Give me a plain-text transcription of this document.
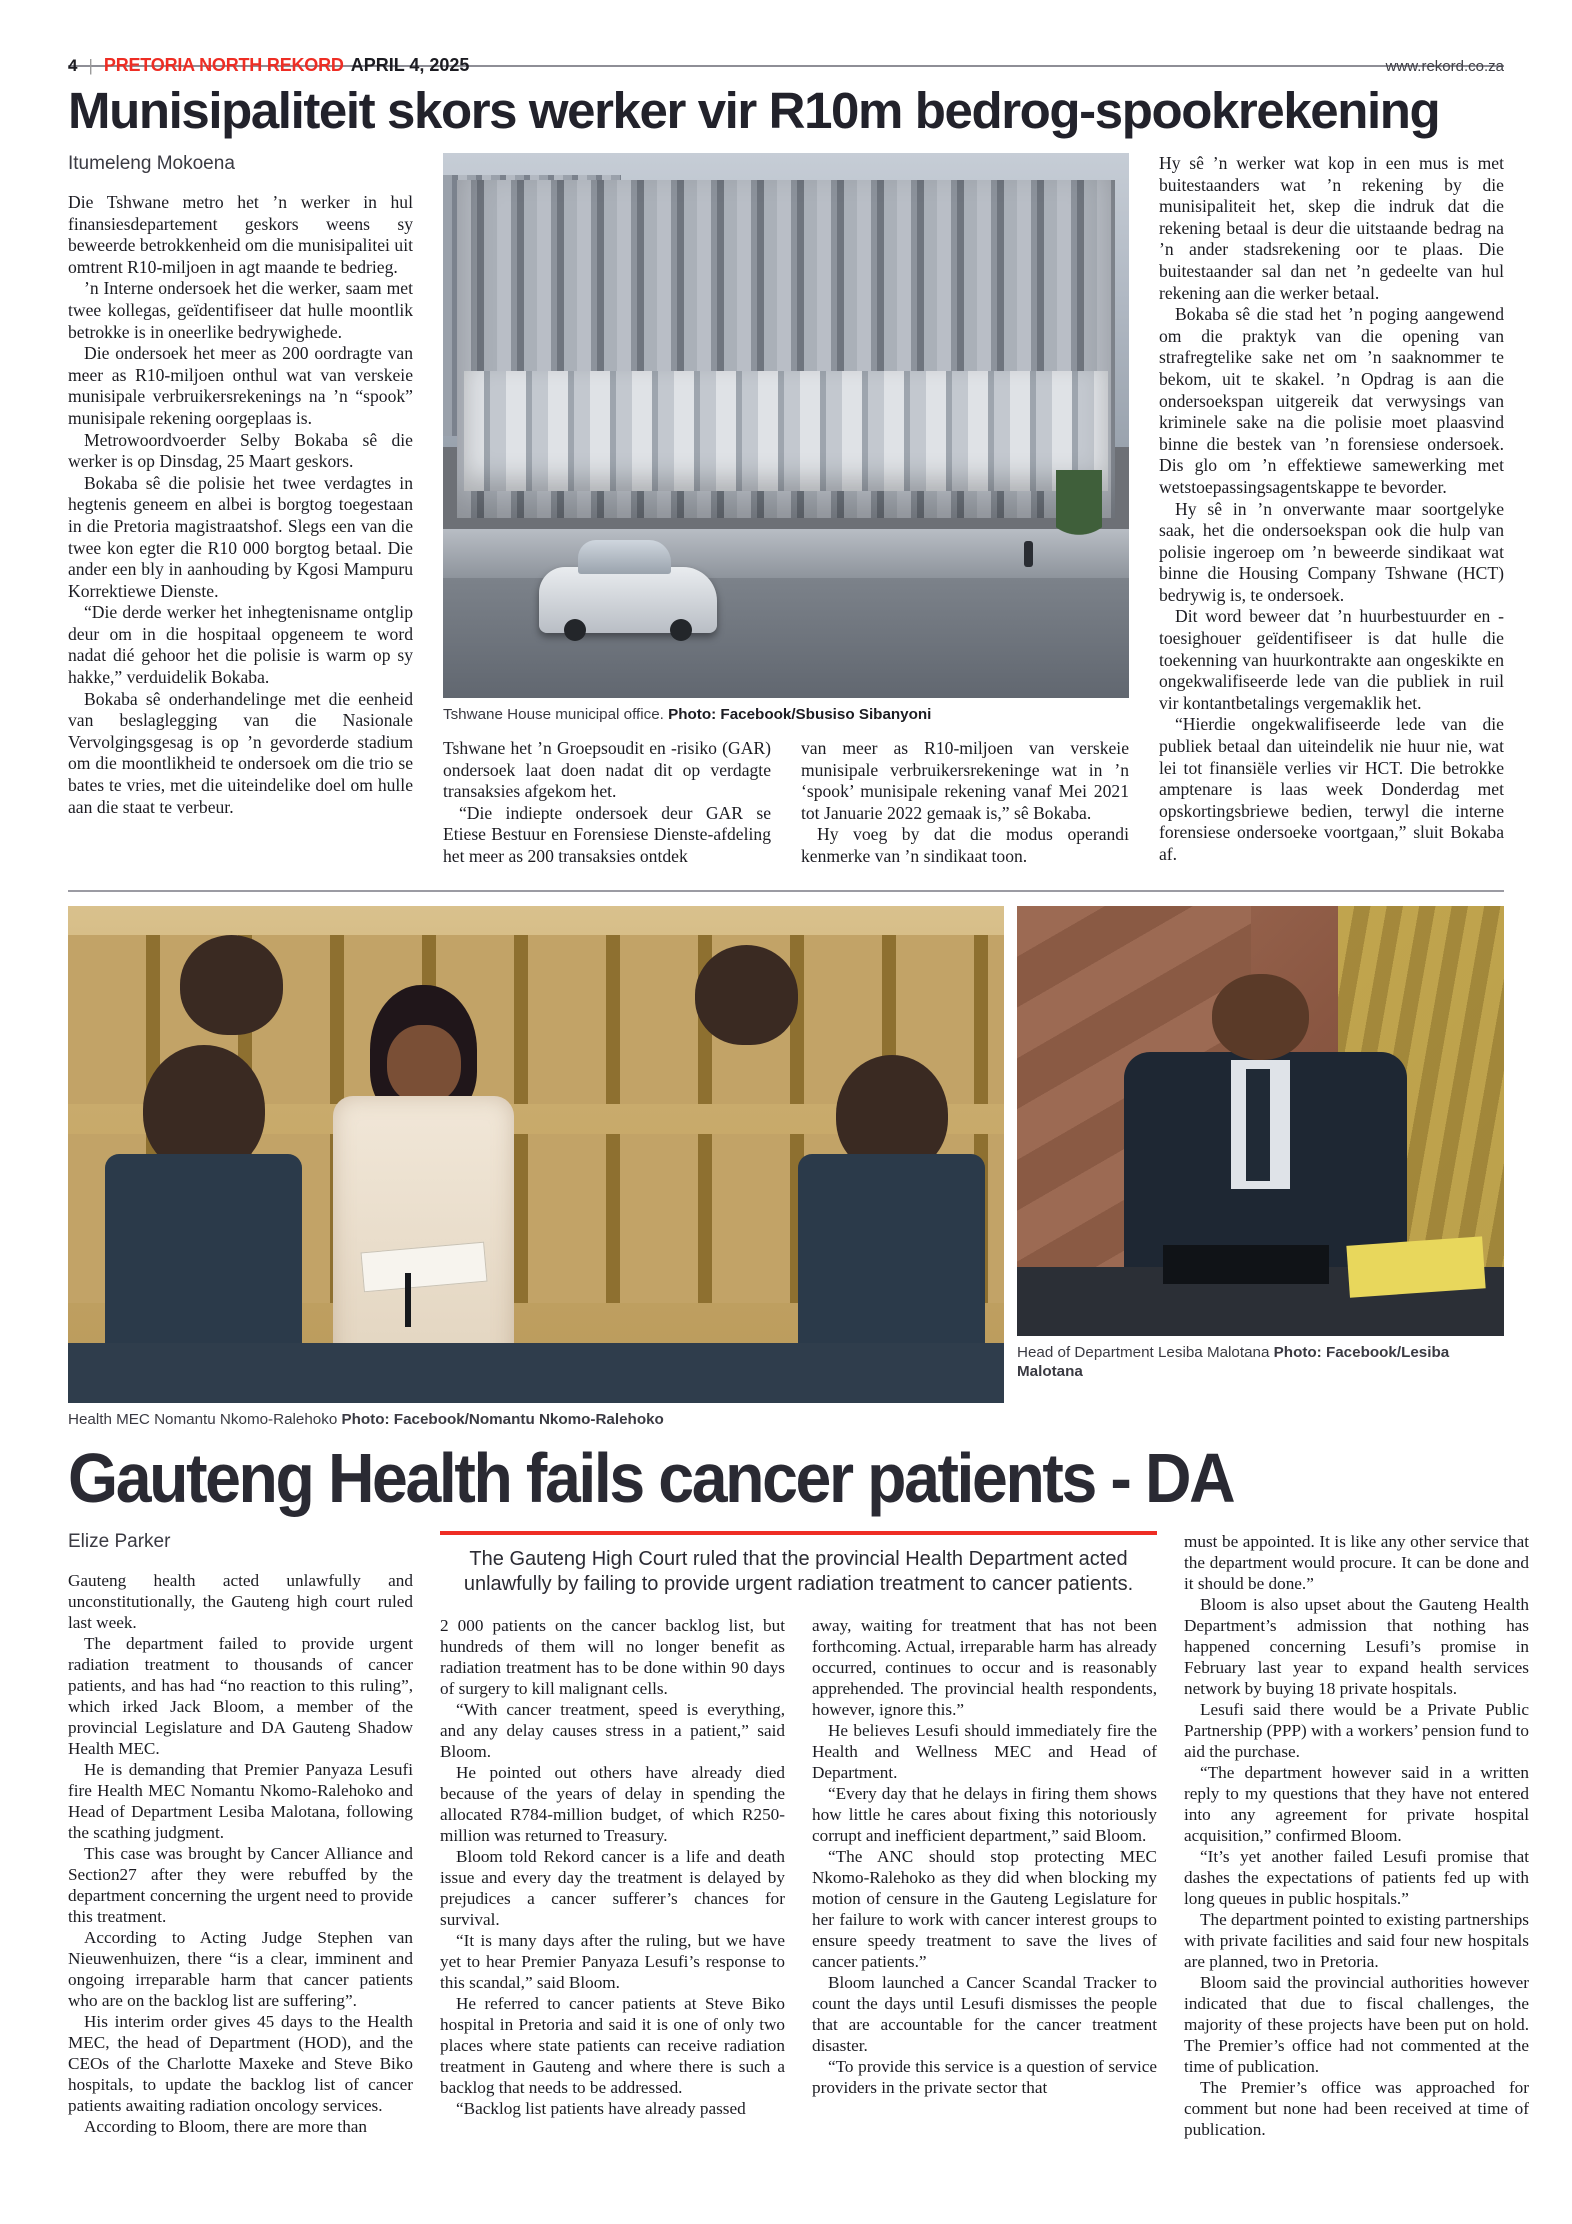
4 | PRETORIA NORTH REKORD APRIL 4, 2025	www.rekord.co.za
Munisipaliteit skors werker vir R10m bedrog-spookrekening
Itumeleng Mokoena

Die Tshwane metro het ’n werker in hul finansiesdepartement geskors weens sy beweerde betrokkenheid om die munisipalitei uit omtrent R10-miljoen in agt maande te bedrieg.

’n Interne ondersoek het die werker, saam met twee kollegas, geïdentifiseer dat hulle moontlik betrokke is in oneerlike bedrywighede.

Die ondersoek het meer as 200 oordragte van meer as R10-miljoen onthul wat van verskeie munisipale verbruikersrekenings na ’n “spook” munisipale rekening oorgeplaas is.

Metrowoordvoerder Selby Bokaba sê die werker is op Dinsdag, 25 Maart geskors.

Bokaba sê die polisie het twee verdagtes in hegtenis geneem en albei is borgtog toegestaan in die Pretoria magistraatshof. Slegs een van die twee kon egter die R10 000 borgtog betaal. Die ander een bly in aanhouding by Kgosi Mampuru Korrektiewe Dienste.

“Die derde werker het inhegtenisname ontglip deur om in die hospitaal opgeneem te word nadat dié gehoor het die polisie is warm op sy hakke,” verduidelik Bokaba.

Bokaba sê onderhandelinge met die eenheid van beslaglegging van die Nasionale Vervolgingsgesag is op ’n gevorderde stadium om die moontlikheid te ondersoek om die trio se bates te vries, met die uiteindelike doel om hulle aan die staat te verbeur.

Tshwane House municipal office. Photo: Facebook/Sbusiso Sibanyoni

Tshwane het ’n Groepsoudit en -risiko (GAR) ondersoek laat doen nadat dit op verdagte transaksies afgekom het.

“Die indiepte ondersoek deur GAR se Etiese Bestuur en Forensiese Dienste-afdeling het meer as 200 transaksies ontdek

van meer as R10-miljoen van verskeie munisipale verbruikersrekeninge wat in ’n ‘spook’ munisipale rekening vanaf Mei 2021 tot Januarie 2022 gemaak is,” sê Bokaba.

Hy voeg by dat die modus operandi kenmerke van ’n sindikaat toon.

Hy sê ’n werker wat kop in een mus is met buitestaanders wat ’n rekening by die munisipaliteit het, skep die indruk dat die rekening betaal is deur die uitstaande bedrag na ’n ander stadsrekening oor te plaas. Die buitestaander sal dan net ’n gedeelte van hul rekening aan die werker betaal.

Bokaba sê die stad het ’n poging aangewend om die praktyk van die opening van strafregtelike sake net om ’n saaknommer te bekom, uit te skakel. ’n Opdrag is aan die ondersoekspan uitgereik dat verwysings van kriminele sake na die polisie moet plaasvind binne die bestek van ’n forensiese ondersoek. Dis glo om ’n effektiewe samewerking met wetstoepassingsagentskappe te bevorder.

Hy sê in ’n onverwante maar soortgelyke saak, het die ondersoekspan ook die hulp van polisie ingeroep om ’n beweerde sindikaat wat binne die Housing Company Tshwane (HCT) bedrywig is, te ondersoek.

Dit word beweer dat ’n huurbestuurder en -toesighouer geïdentifiseer is dat hulle die toekenning van huurkontrakte aan ongeskikte en ongekwalifiseerde lede van die publiek in ruil vir kontantbetalings vergemaklik het.

“Hierdie ongekwalifiseerde lede van die publiek betaal dan uiteindelik nie huur nie, wat lei tot finansiële verlies vir HCT. Die betrokke amptenare is laas week Donderdag met opskortingsbriewe bedien, terwyl die interne forensiese ondersoeke voortgaan,” sluit Bokaba af.

Health MEC Nomantu Nkomo-Ralehoko Photo: Facebook/Nomantu Nkomo-Ralehoko
Head of Department Lesiba Malotana Photo: Facebook/Lesiba Malotana
Gauteng Health fails cancer patients - DA
Elize Parker

Gauteng health acted unlawfully and unconstitutionally, the Gauteng high court ruled last week.

The department failed to provide urgent radiation treatment to thousands of cancer patients, and has had “no reaction to this ruling”, which irked Jack Bloom, a member of the provincial Legislature and DA Gauteng Shadow Health MEC.

He is demanding that Premier Panyaza Lesufi fire Health MEC Nomantu Nkomo-Ralehoko and Head of Department Lesiba Malotana, following the scathing judgment.

This case was brought by Cancer Alliance and Section27 after they were rebuffed by the department concerning the urgent need to provide this treatment.

According to Acting Judge Stephen van Nieuwenhuizen, there “is a clear, imminent and ongoing irreparable harm that cancer patients who are on the backlog list are suffering”.

His interim order gives 45 days to the Health MEC, the head of Department (HOD), and the CEOs of the Charlotte Maxeke and Steve Biko hospitals, to update the backlog list of cancer patients awaiting radiation oncology services.

According to Bloom, there are more than

The Gauteng High Court ruled that the provincial Health Department acted unlawfully by failing to provide urgent radiation treatment to cancer patients.

2 000 patients on the cancer backlog list, but hundreds of them will no longer benefit as radiation treatment has to be done within 90 days of surgery to kill malignant cells.

“With cancer treatment, speed is everything, and any delay causes stress in a patient,” said Bloom.

He pointed out others have already died because of the years of delay in spending the allocated R784-million budget, of which R250-million was returned to Treasury.

Bloom told Rekord cancer is a life and death issue and every day the treatment is delayed by prejudices a cancer sufferer’s chances for survival.

“It is many days after the ruling, but we have yet to hear Premier Panyaza Lesufi’s response to this scandal,” said Bloom.

He referred to cancer patients at Steve Biko hospital in Pretoria and said it is one of only two places where state patients can receive radiation treatment in Gauteng and where there is such a backlog that needs to be addressed.

“Backlog list patients have already passed

away, waiting for treatment that has not been forthcoming. Actual, irreparable harm has already occurred, continues to occur and is reasonably apprehended. The provincial health respondents, however, ignore this.”

He believes Lesufi should immediately fire the Health and Wellness MEC and Head of Department.

“Every day that he delays in firing them shows how little he cares about fixing this notoriously corrupt and inefficient department,” said Bloom.

“The ANC should stop protecting MEC Nkomo-Ralehoko as they did when blocking my motion of censure in the Gauteng Legislature for her failure to work with cancer interest groups to ensure speedy treatment to save the lives of cancer patients.”

Bloom launched a Cancer Scandal Tracker to count the days until Lesufi dismisses the people that are accountable for the cancer treatment disaster.

“To provide this service is a question of service providers in the private sector that

must be appointed. It is like any other service that the department would procure. It can be done and it should be done.”

Bloom is also upset about the Gauteng Health Department’s admission that nothing has happened concerning Lesufi’s promise in February last year to expand health services network by buying 18 private hospitals.

Lesufi said there would be a Private Public Partnership (PPP) with a workers’ pension fund to aid the purchase.

“The department however said in a written reply to my questions that they have not entered into any agreement for private hospital acquisition,” confirmed Bloom.

“It’s yet another failed Lesufi promise that dashes the expectations of patients fed up with long queues in public hospitals.”

The department pointed to existing partnerships with private facilities and said four new hospitals are planned, two in Pretoria.

Bloom said the provincial authorities however indicated that due to fiscal challenges, the majority of these projects have been put on hold. The Premier’s office had not commented at the time of publication.

The Premier’s office was approached for comment but none had been received at time of publication.
